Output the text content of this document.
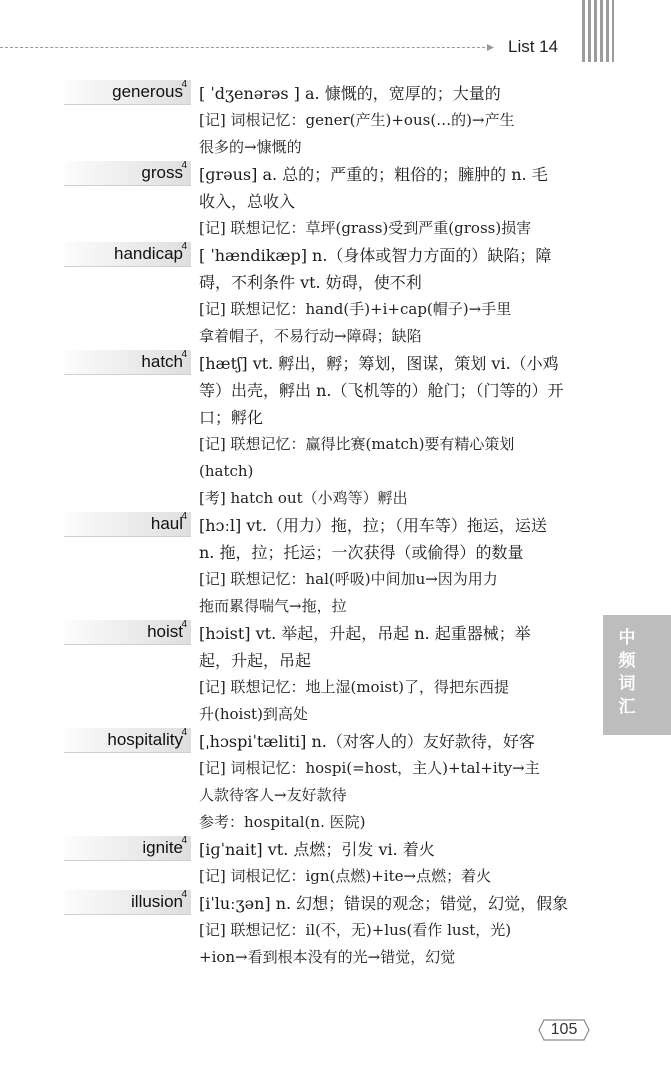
List 14
generous
$^4$ [ ˈdʒenərəs ] a. 慷慨的，宽厚的；大量的

[记] 词根记忆：gener(产生)+ous(…的)→产生

很多的→慷慨的

gross
$^4$ [ɡrəus] a. 总的；严重的；粗俗的；臃肿的 n. 毛

收入，总收入

[记] 联想记忆：草坪(grass)受到严重(gross)损害

handicap
$^4$ [ ˈhændikæp] n.（身体或智力方面的）缺陷；障

碍，不利条件 vt. 妨碍，使不利

[记] 联想记忆：hand(手)+i+cap(帽子)→手里

拿着帽子，不易行动→障碍；缺陷

hatch
$^4$ [hætʃ] vt. 孵出，孵；筹划，图谋，策划 vi.（小鸡

等）出壳，孵出 n.（飞机等的）舱门；（门等的）开

口；孵化

[记] 联想记忆：赢得比赛(match)要有精心策划

(hatch)

[考] hatch out（小鸡等）孵出

haul
$^4$ [hɔːl] vt.（用力）拖，拉；（用车等）拖运，运送

n. 拖，拉；托运；一次获得（或偷得）的数量

[记] 联想记忆：hal(呼吸)中间加u→因为用力

拖而累得喘气→拖，拉

hoist
$^4$ [hɔist] vt. 举起，升起，吊起 n. 起重器械；举

起，升起，吊起

[记] 联想记忆：地上湿(moist)了，得把东西提

升(hoist)到高处

hospitality
$^4$ [ˌhɔspiˈtæliti] n.（对客人的）友好款待，好客

[记] 词根记忆：hospi(=host，主人)+tal+ity→主

人款待客人→友好款待

参考：hospital(n. 医院)

ignite
$^4$ [iɡˈnait] vt. 点燃；引发 vi. 着火

[记] 词根记忆：ign(点燃)+ite→点燃；着火

illusion
$^4$ [iˈluːʒən] n. 幻想；错误的观念；错觉，幻觉，假象

[记] 联想记忆：il(不，无)+lus(看作 lust，光)

+ion→看到根本没有的光→错觉，幻觉

中频词汇
105
